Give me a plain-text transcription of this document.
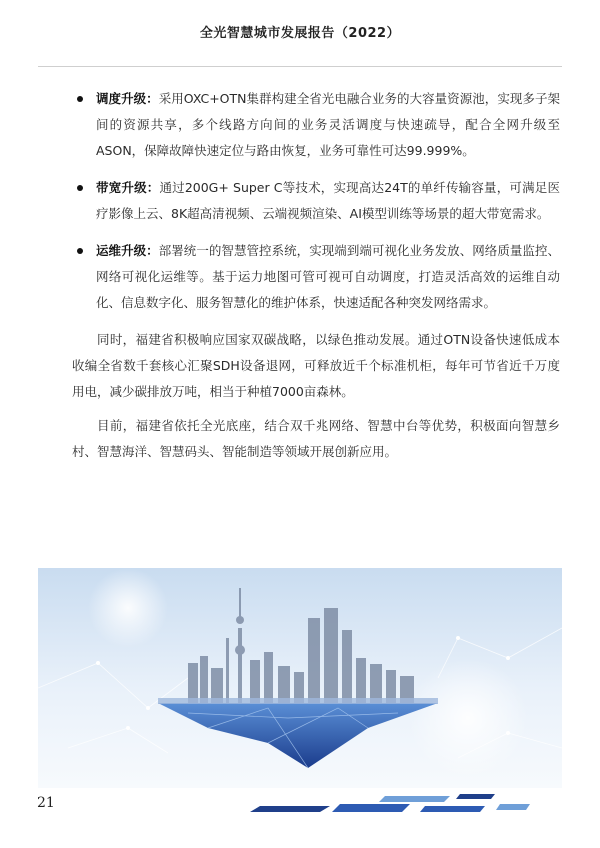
全光智慧城市发展报告（2022）
调度升级：采用OXC+OTN集群构建全省光电融合业务的大容量资源池，实现多子架间的资源共享，多个线路方向间的业务灵活调度与快速疏导，配合全网升级至ASON，保障故障快速定位与路由恢复，业务可靠性可达99.999%。
带宽升级：通过200G+ Super C等技术，实现高达24T的单纤传输容量，可满足医疗影像上云、8K超高清视频、云端视频渲染、AI模型训练等场景的超大带宽需求。
运维升级：部署统一的智慧管控系统，实现端到端可视化业务发放、网络质量监控、网络可视化运维等。基于运力地图可管可视可自动调度，打造灵活高效的运维自动化、信息数字化、服务智慧化的维护体系，快速适配各种突发网络需求。

同时，福建省积极响应国家双碳战略，以绿色推动发展。通过OTN设备快速低成本收编全省数千套核心汇聚SDH设备退网，可释放近千个标准机柜，每年可节省近千万度用电，减少碳排放万吨，相当于种植7000亩森林。

目前，福建省依托全光底座，结合双千兆网络、智慧中台等优势，积极面向智慧乡村、智慧海洋、智慧码头、智能制造等领域开展创新应用。

21
